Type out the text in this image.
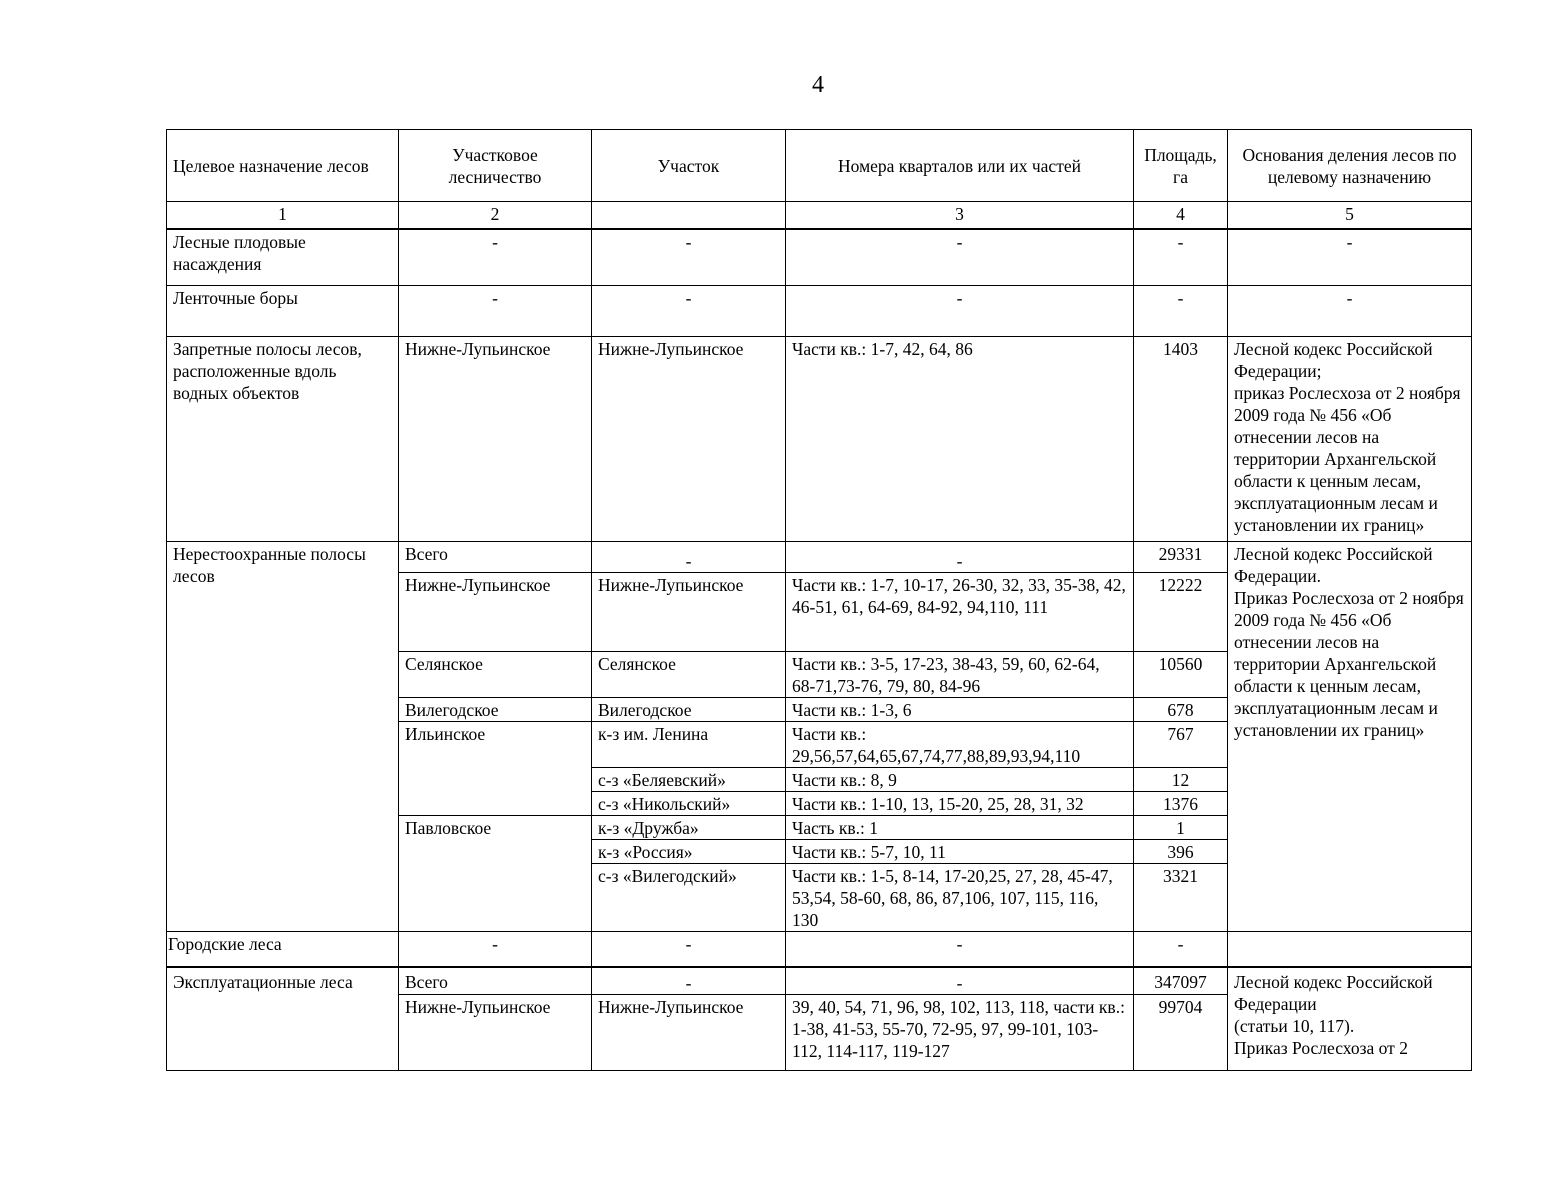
4
Целевое назначение лесов	Участковое лесничество	Участок	Номера кварталов или их частей	Площадь, га	Основания деления лесов по целевому назначению
1	2		3	4	5
Лесные плодовые насаждения	-	-	-	-	-
Ленточные боры	-	-	-	-	-
Запретные полосы лесов, расположенные вдоль водных объектов	Нижне-Лупьинское	Нижне-Лупьинское	Части кв.: 1-7, 42, 64, 86	1403	Лесной кодекс Российской Федерации;
приказ Рослесхоза от 2 ноября 2009 года № 456 «Об отнесении лесов на территории Архангельской области к ценным лесам, эксплуатационным лесам и установлении их границ»

Нерестоохранные полосы лесов	Всего	-	-	29331	Лесной кодекс Российской Федерации.
Приказ Рослесхоза от 2 ноября 2009 года № 456 «Об отнесении лесов на территории Архангельской области к ценным лесам, эксплуатационным лесам и установлении их границ»

	Нижне-Лупьинское	Нижне-Лупьинское	Части кв.: 1-7, 10-17, 26-30, 32, 33, 35-38, 42, 46-51, 61, 64-69, 84-92, 94,110, 111	12222	
	Селянское	Селянское	Части кв.: 3-5, 17-23, 38-43, 59, 60, 62-64, 68-71,73-76, 79, 80, 84-96	10560	
	Вилегодское	Вилегодское	Части кв.: 1-3, 6	678	
	Ильинское	к-з им. Ленина	Части кв.: 29,56,57,64,65,67,74,77,88,89,93,94,110	767	
		с-з «Беляевский»	Части кв.: 8, 9	12	
		с-з «Никольский»	Части кв.: 1-10, 13, 15-20, 25, 28, 31, 32	1376	
	Павловское	к-з «Дружба»	Часть кв.: 1	1	
		к-з «Россия»	Части кв.: 5-7, 10, 11	396	
		с-з «Вилегодский»	Части кв.: 1-5, 8-14, 17-20,25, 27, 28, 45-47, 53,54, 58-60, 68, 86, 87,106, 107, 115, 116, 130	3321	

Городские леса	-	-	-	-	
Эксплуатационные леса	Всего	-	-	347097	Лесной кодекс Российской Федерации
(статьи 10, 117).
Приказ Рослесхоза от 2

	Нижне-Лупьинское	Нижне-Лупьинское	39, 40, 54, 71, 96, 98, 102, 113, 118, части кв.: 1-38, 41-53, 55-70, 72-95, 97, 99-101, 103-112, 114-117, 119-127	99704	
